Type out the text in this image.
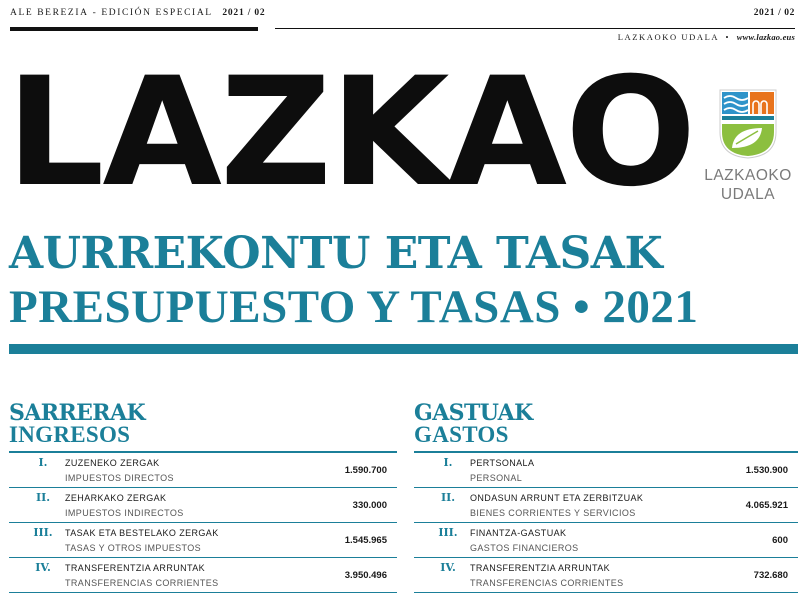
ALE BEREZIA - EDICIÓN ESPECIAL 2021 / 02	2021 / 02
LAZKAOKO UDALA • www.lazkao.eus
LAZKAO LAZKAOKO
UDALA
AURREKONTU ETA TASAK
PRESUPUESTO Y TASAS • 2021
SARRERAK
INGRESOS
I.	ZUZENEKO ZERGAK
IMPUESTOS DIRECTOS
1.590.700
II.	ZEHARKAKO ZERGAK
IMPUESTOS INDIRECTOS
330.000
III. TASAK ETA BESTELAKO ZERGAK
TASAS Y OTROS IMPUESTOS
1.545.965
IV.	TRANSFERENTZIA ARRUNTAK
TRANSFERENCIAS CORRIENTES
3.950.496
GASTUAK
GASTOS
I.	PERTSONALA
PERSONAL
1.530.900
II.	ONDASUN ARRUNT ETA ZERBITZUAK
BIENES CORRIENTES Y SERVICIOS
4.065.921
III. FINANTZA-GASTUAK
GASTOS FINANCIEROS
600
IV.	TRANSFERENTZIA ARRUNTAK
TRANSFERENCIAS CORRIENTES
732.680
